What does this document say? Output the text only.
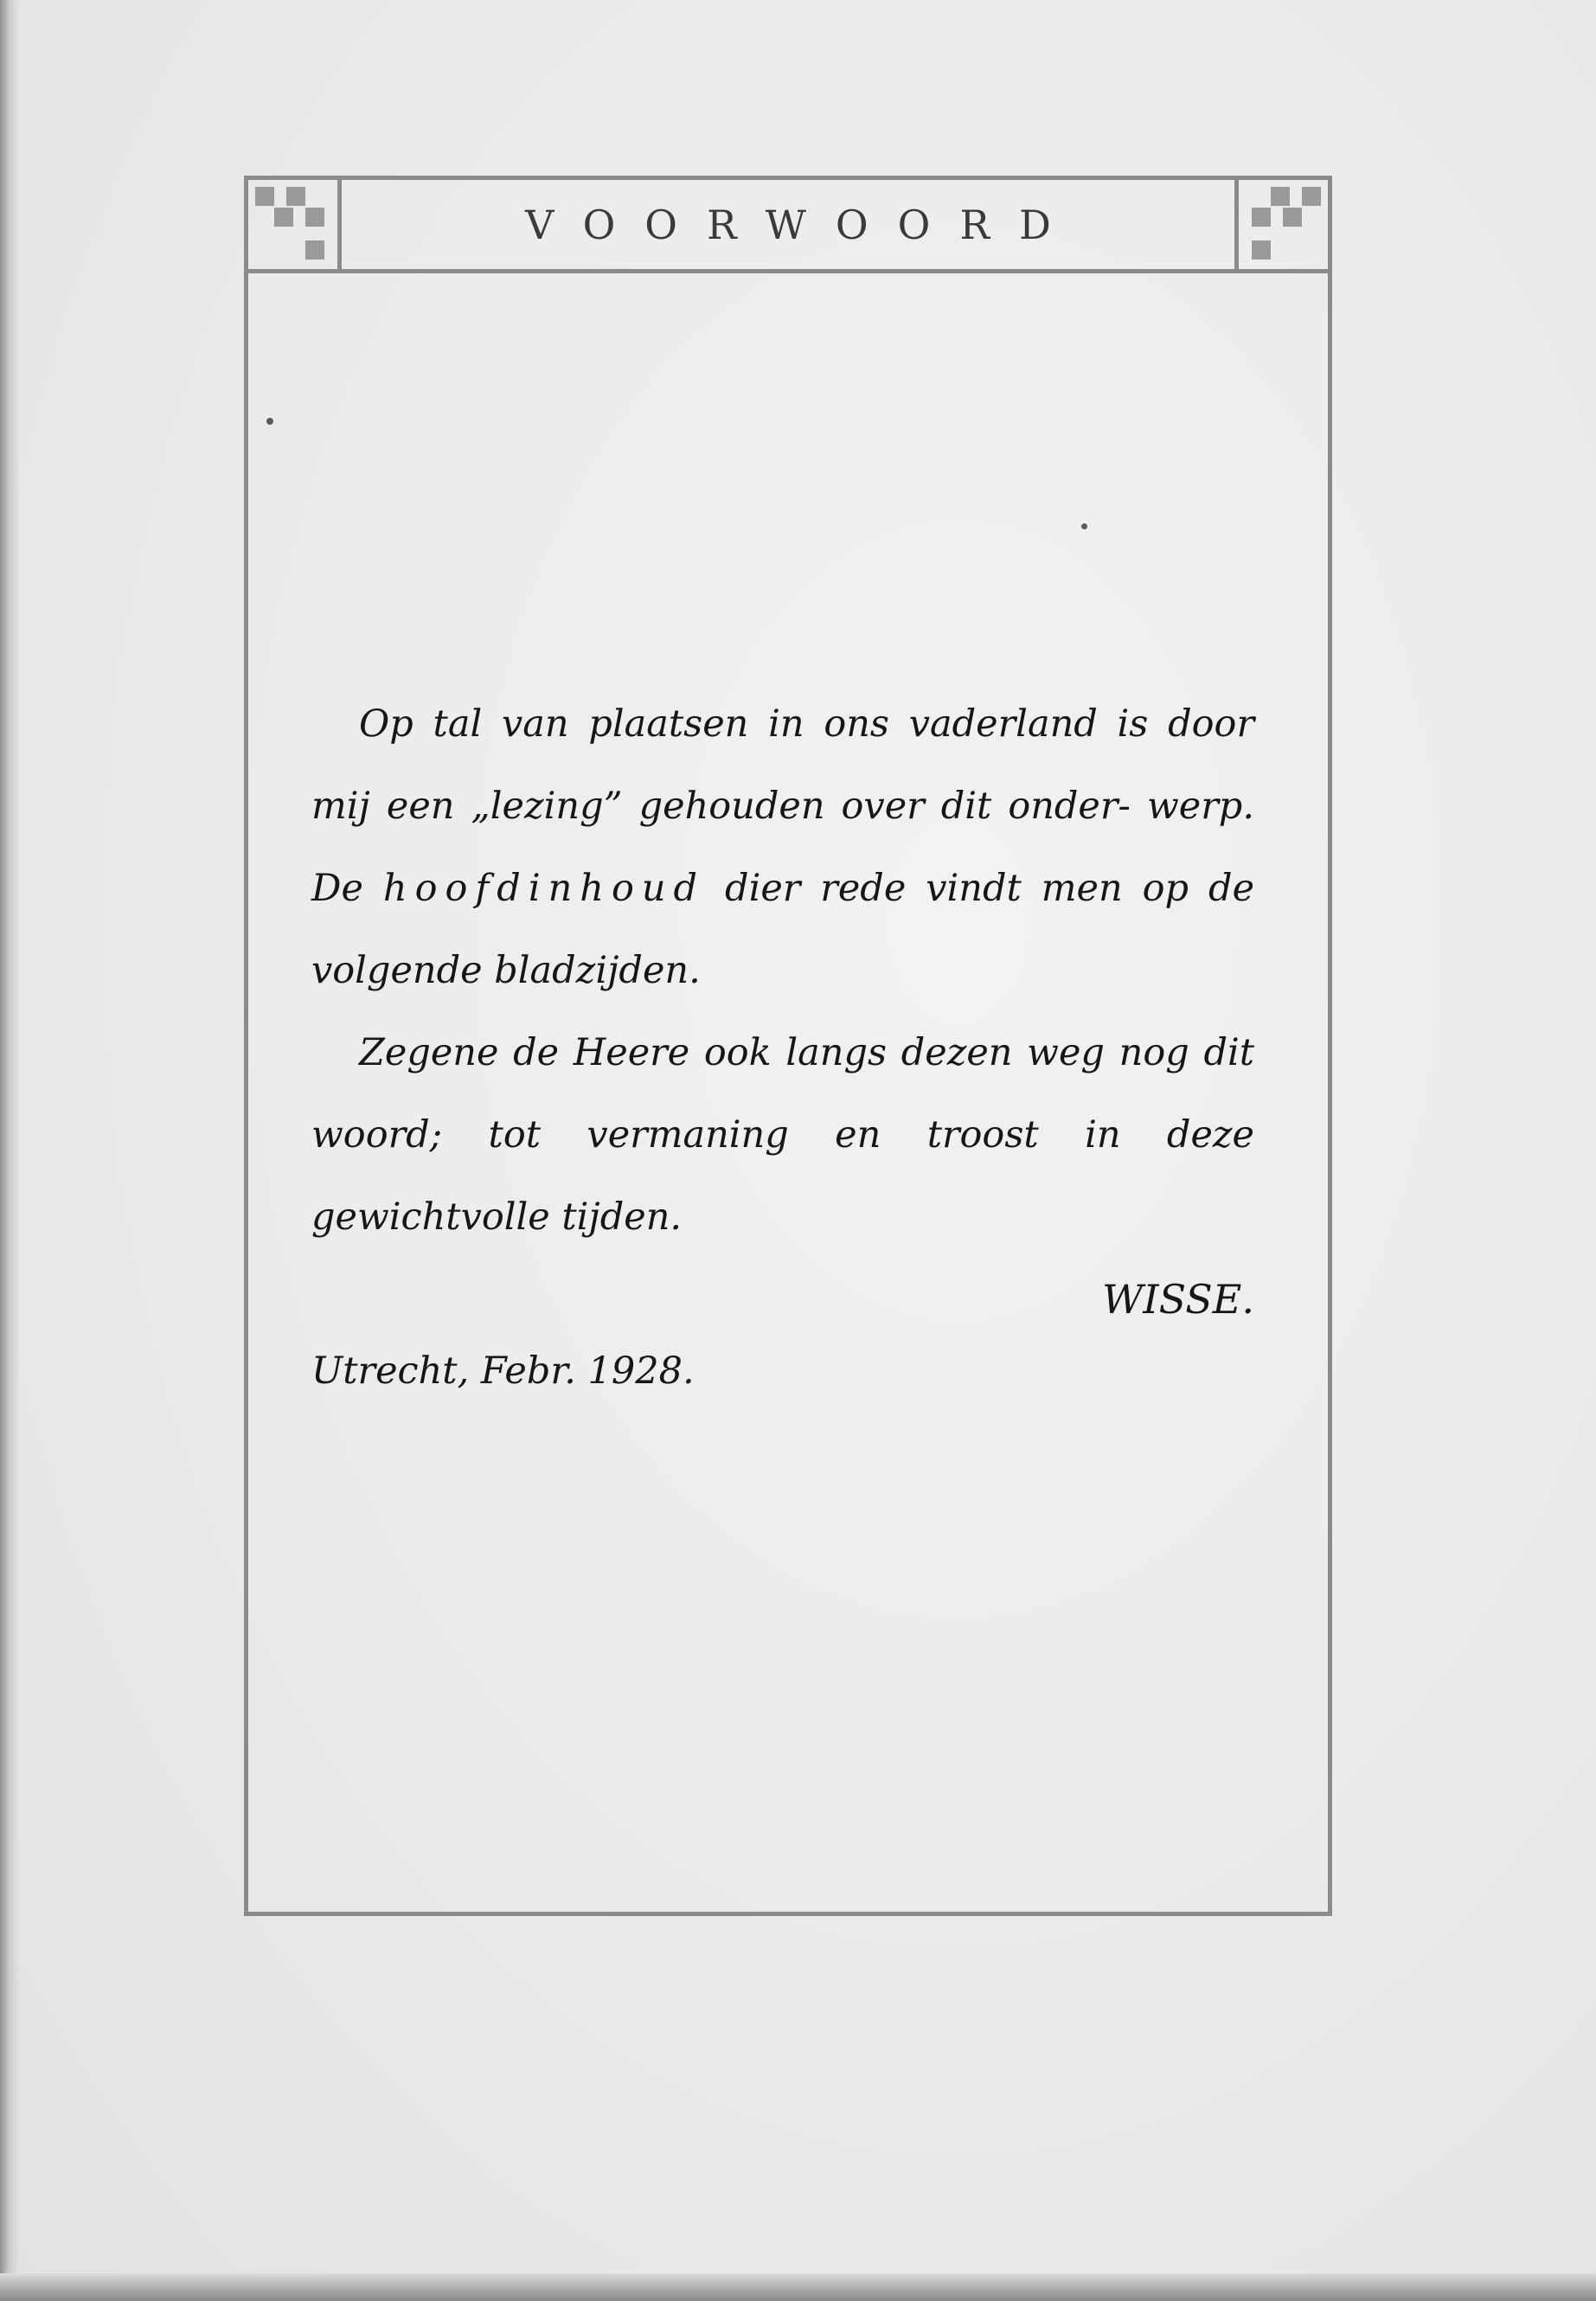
VOORWOORD

Op tal van plaatsen in ons vaderland is door mij een „lezing” gehouden over dit onder- werp. De hoofdinhoud dier rede vindt men op de volgende bladzijden.

Zegene de Heere ook langs dezen weg nog dit woord; tot vermaning en troost in deze gewichtvolle tijden.

WISSE.

Utrecht, Febr. 1928.
